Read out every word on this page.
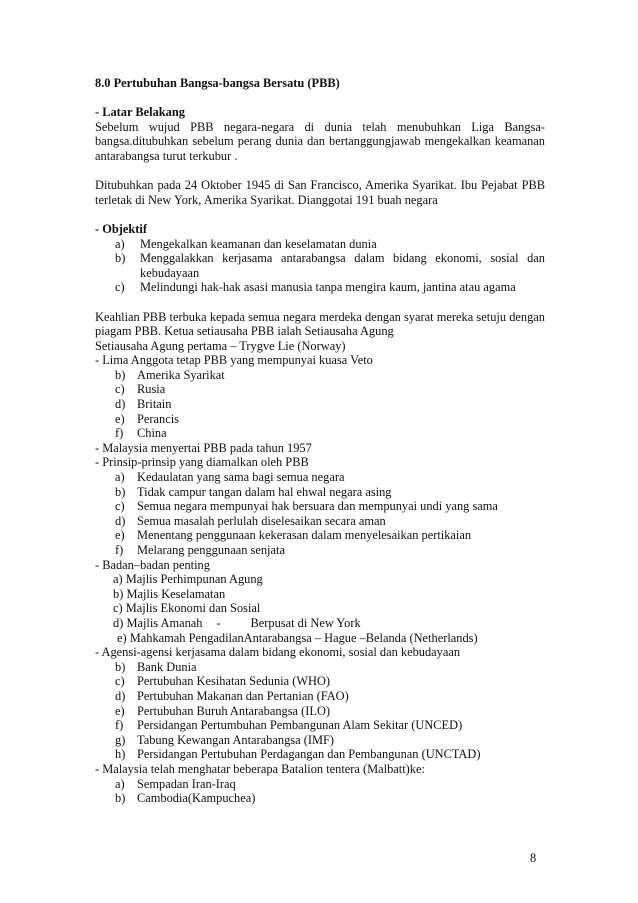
8.0 Pertubuhan Bangsa-bangsa Bersatu (PBB)

- Latar Belakang

Sebelum wujud PBB negara-negara di dunia telah menubuhkan Liga Bangsa-bangsa.ditubuhkan sebelum perang dunia dan bertanggungjawab mengekalkan keamanan antarabangsa turut terkubur .

Ditubuhkan pada 24 Oktober 1945 di San Francisco, Amerika Syarikat. Ibu Pejabat PBB terletak di New York, Amerika Syarikat. Dianggotai 191 buah negara

- Objektif

a) Mengekalkan keamanan dan keselamatan dunia
b) Menggalakkan kerjasama antarabangsa dalam bidang ekonomi, sosial dan kebudayaan
c) Melindungi hak-hak asasi manusia tanpa mengira kaum, jantina atau agama

Keahlian PBB terbuka kepada semua negara merdeka dengan syarat mereka setuju dengan piagam PBB. Ketua setiausaha PBB ialah Setiausaha Agung

Setiausaha Agung pertama – Trygve Lie (Norway)

- Lima Anggota tetap PBB yang mempunyai kuasa Veto

b) Amerika Syarikat
c) Rusia
d) Britain
e) Perancis
f) China

- Malaysia menyertai PBB pada tahun 1957

- Prinsip-prinsip yang diamalkan oleh PBB

a) Kedaulatan yang sama bagi semua negara
b) Tidak campur tangan dalam hal ehwal negara asing
c) Semua negara mempunyai hak bersuara dan mempunyai undi yang sama
d) Semua masalah perlulah diselesaikan secara aman
e) Menentang penggunaan kekerasan dalam menyelesaikan pertikaian
f) Melarang penggunaan senjata

- Badan–badan penting

a) Majlis Perhimpunan Agung
b) Majlis Keselamatan
c) Majlis Ekonomi dan Sosial
d) Majlis Amanah - Berpusat di New York
e) Mahkamah PengadilanAntarabangsa – Hague –Belanda (Netherlands)

- Agensi-agensi kerjasama dalam bidang ekonomi, sosial dan kebudayaan

b) Bank Dunia
c) Pertubuhan Kesihatan Sedunia (WHO)
d) Pertubuhan Makanan dan Pertanian (FAO)
e) Pertubuhan Buruh Antarabangsa (ILO)
f) Persidangan Pertumbuhan Pembangunan Alam Sekitar (UNCED)
g) Tabung Kewangan Antarabangsa (IMF)
h) Persidangan Pertubuhan Perdagangan dan Pembangunan (UNCTAD)

- Malaysia telah menghatar beberapa Batalion tentera (Malbatt)ke:

a) Sempadan Iran-Iraq
b) Cambodia(Kampuchea)
8
